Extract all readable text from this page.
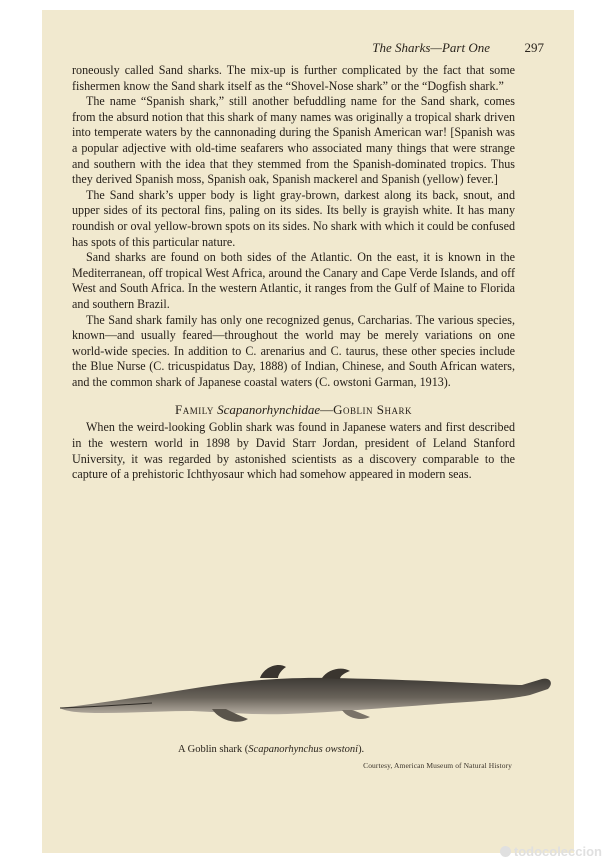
The Sharks—Part One	297

roneously called Sand sharks. The mix-up is further complicated by the fact that some fishermen know the Sand shark itself as the “Shovel-Nose shark” or the “Dogfish shark.”

The name “Spanish shark,” still another befuddling name for the Sand shark, comes from the absurd notion that this shark of many names was originally a tropical shark driven into temperate waters by the cannonading during the Spanish American war! [Spanish was a popular adjective with old-time seafarers who associated many things that were strange and southern with the idea that they stemmed from the Spanish-dominated tropics. Thus they derived Spanish moss, Spanish oak, Spanish mackerel and Spanish (yellow) fever.]

The Sand shark’s upper body is light gray-brown, darkest along its back, snout, and upper sides of its pectoral fins, paling on its sides. Its belly is grayish white. It has many roundish or oval yellow-brown spots on its sides. No shark with which it could be confused has spots of this particular nature.

Sand sharks are found on both sides of the Atlantic. On the east, it is known in the Mediterranean, off tropical West Africa, around the Canary and Cape Verde Islands, and off West and South Africa. In the western Atlantic, it ranges from the Gulf of Maine to Florida and southern Brazil.

The Sand shark family has only one recognized genus, Carcharias. The various species, known—and usually feared—throughout the world may be merely variations on one world-wide species. In addition to C. arenarius and C. taurus, these other species include the Blue Nurse (C. tricuspidatus Day, 1888) of Indian, Chinese, and South African waters, and the common shark of Japanese coastal waters (C. owstoni Garman, 1913).

Family Scapanorhynchidae—Goblin Shark

When the weird-looking Goblin shark was found in Japanese waters and first described in the western world in 1898 by David Starr Jordan, president of Leland Stanford University, it was regarded by astonished scientists as a discovery comparable to the capture of a prehistoric Ichthyosaur which had somehow appeared in modern seas.

A Goblin shark (Scapanorhynchus owstoni).
Courtesy, American Museum of Natural History
todocoleccion
